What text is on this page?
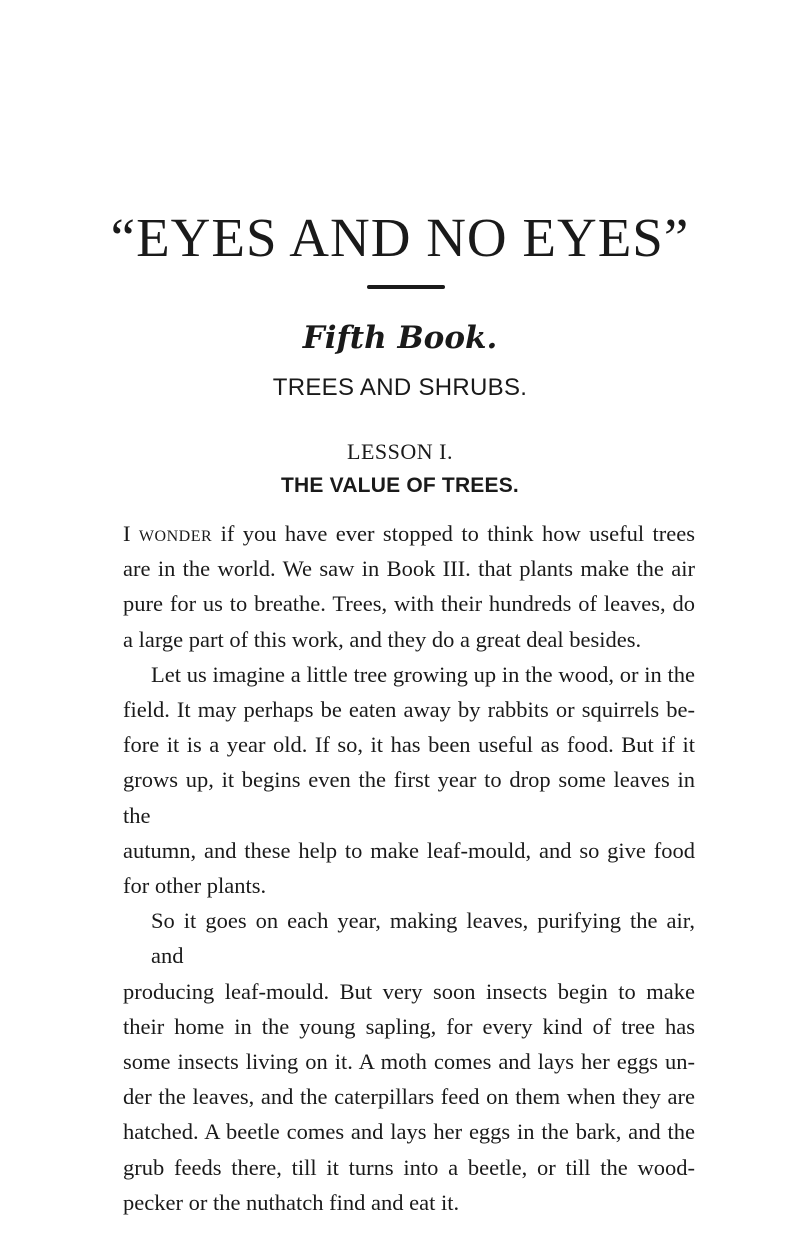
“EYES AND NO EYES”
Fifth Book.
TREES AND SHRUBS.
LESSON I.
THE VALUE OF TREES.

I wonder if you have ever stopped to think how useful trees
are in the world. We saw in Book III. that plants make the air
pure for us to breathe. Trees, with their hundreds of leaves, do
a large part of this work, and they do a great deal besides.

Let us imagine a little tree growing up in the wood, or in the
field. It may perhaps be eaten away by rabbits or squirrels be-
fore it is a year old. If so, it has been useful as food. But if it
grows up, it begins even the first year to drop some leaves in the
autumn, and these help to make leaf-mould, and so give food
for other plants.

So it goes on each year, making leaves, purifying the air, and
producing leaf-mould. But very soon insects begin to make
their home in the young sapling, for every kind of tree has
some insects living on it. A moth comes and lays her eggs un-
der the leaves, and the caterpillars feed on them when they are
hatched. A beetle comes and lays her eggs in the bark, and the
grub feeds there, till it turns into a beetle, or till the wood-
pecker or the nuthatch find and eat it.
